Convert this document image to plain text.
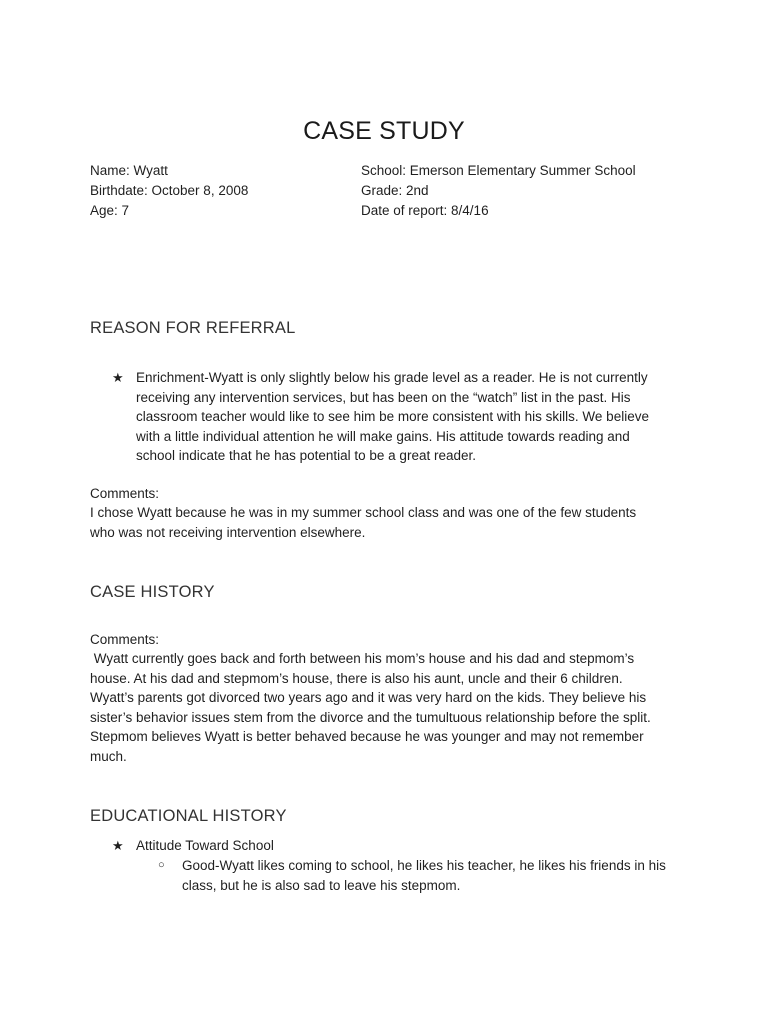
CASE STUDY
Name: Wyatt
Birthdate: October 8, 2008
Age: 7
School: Emerson Elementary Summer School
Grade: 2nd
Date of report: 8/4/16
REASON FOR REFERRAL
★ Enrichment-Wyatt is only slightly below his grade level as a reader. He is not currently
receiving any intervention services, but has been on the “watch” list in the past. His
classroom teacher would like to see him be more consistent with his skills. We believe
with a little individual attention he will make gains. His attitude towards reading and
school indicate that he has potential to be a great reader.
Comments:
I chose Wyatt because he was in my summer school class and was one of the few students
who was not receiving intervention elsewhere.
CASE HISTORY
Comments:
Wyatt currently goes back and forth between his mom’s house and his dad and stepmom’s
house. At his dad and stepmom’s house, there is also his aunt, uncle and their 6 children.
Wyatt’s parents got divorced two years ago and it was very hard on the kids. They believe his
sister’s behavior issues stem from the divorce and the tumultuous relationship before the split.
Stepmom believes Wyatt is better behaved because he was younger and may not remember
much.
EDUCATIONAL HISTORY
★ Attitude Toward School
○ Good-Wyatt likes coming to school, he likes his teacher, he likes his friends in his
class, but he is also sad to leave his stepmom.
